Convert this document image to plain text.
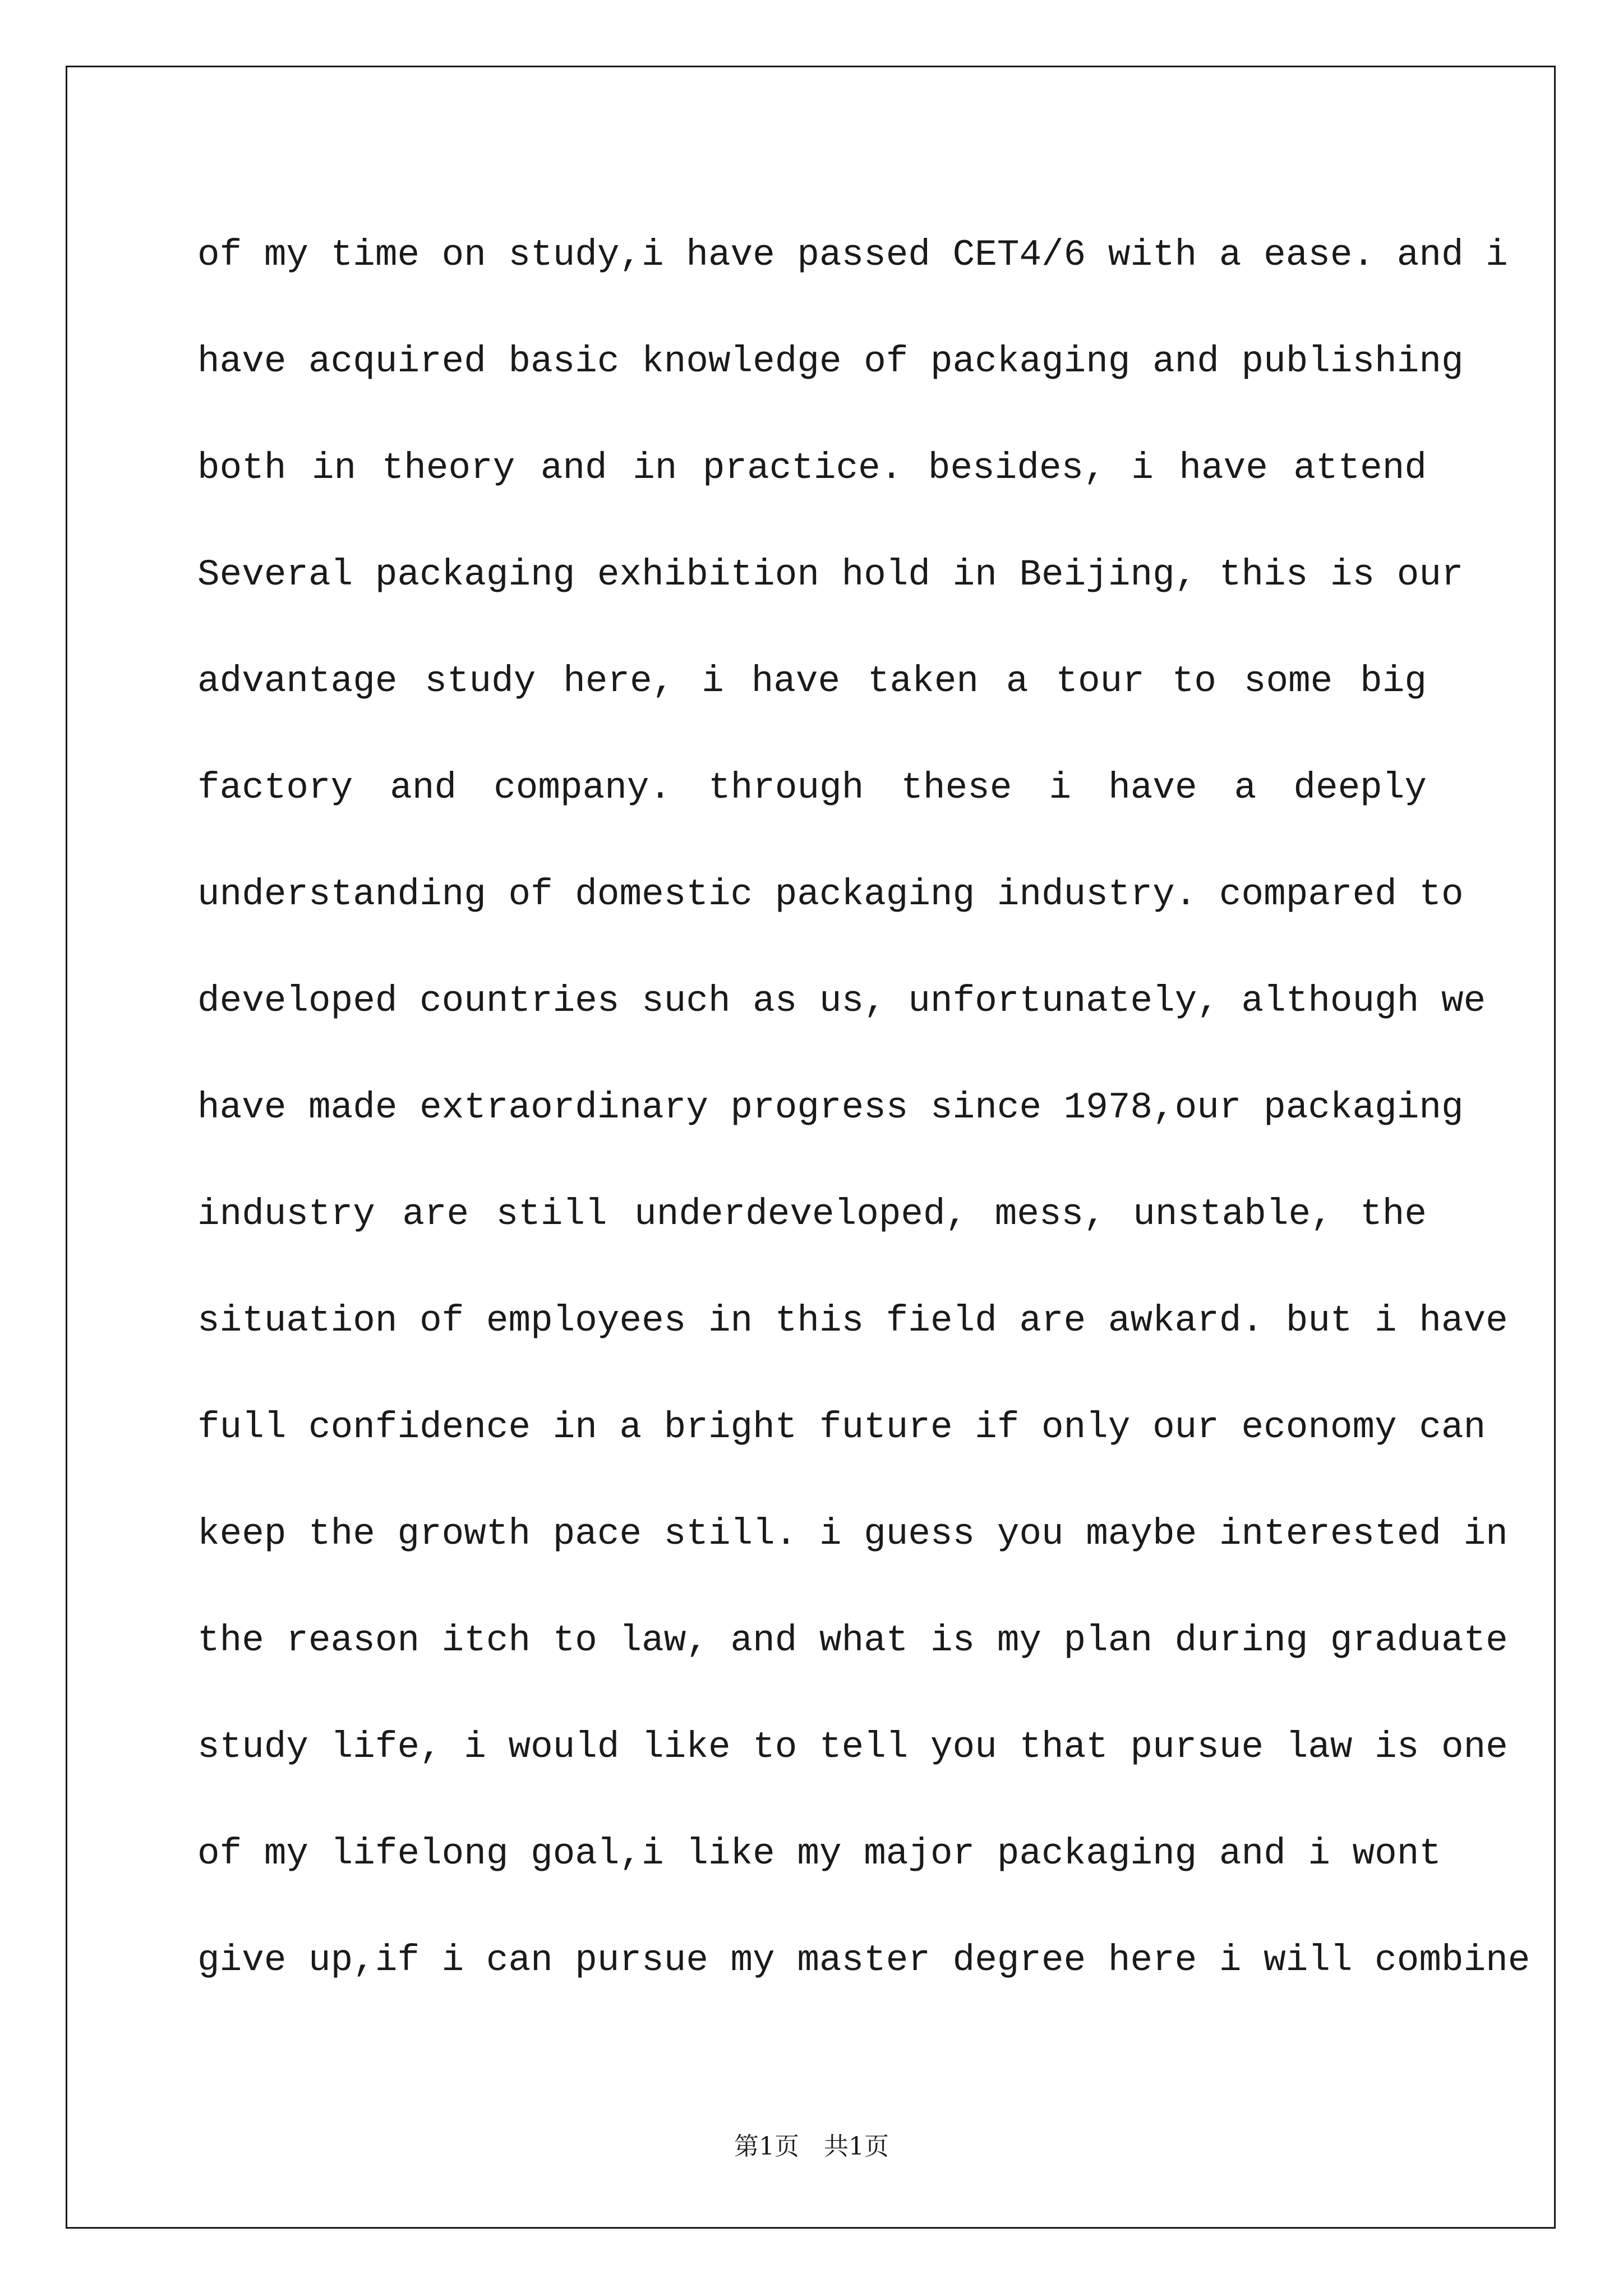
of my time on study,i have passed CET4/6 with a ease. and i
have acquired basic knowledge of packaging and publishing
both in theory and in practice. besides, i have attend
Several packaging exhibition hold in Beijing, this is our
advantage study here, i have taken a tour to some big
factory and company. through these i have a deeply
understanding of domestic packaging industry. compared to
developed countries such as us, unfortunately, although we
have made extraordinary progress since 1978,our packaging
industry are still underdeveloped, mess, unstable, the
situation of employees in this field are awkard. but i have
full confidence in a bright future if only our economy can
keep the growth pace still. i guess you maybe interested in
the reason itch to law, and what is my plan during graduate
study life, i would like to tell you that pursue law is one
of my lifelong goal,i like my major packaging and i wont
give up,if i can pursue my master degree here i will combine
第1页　共1页
